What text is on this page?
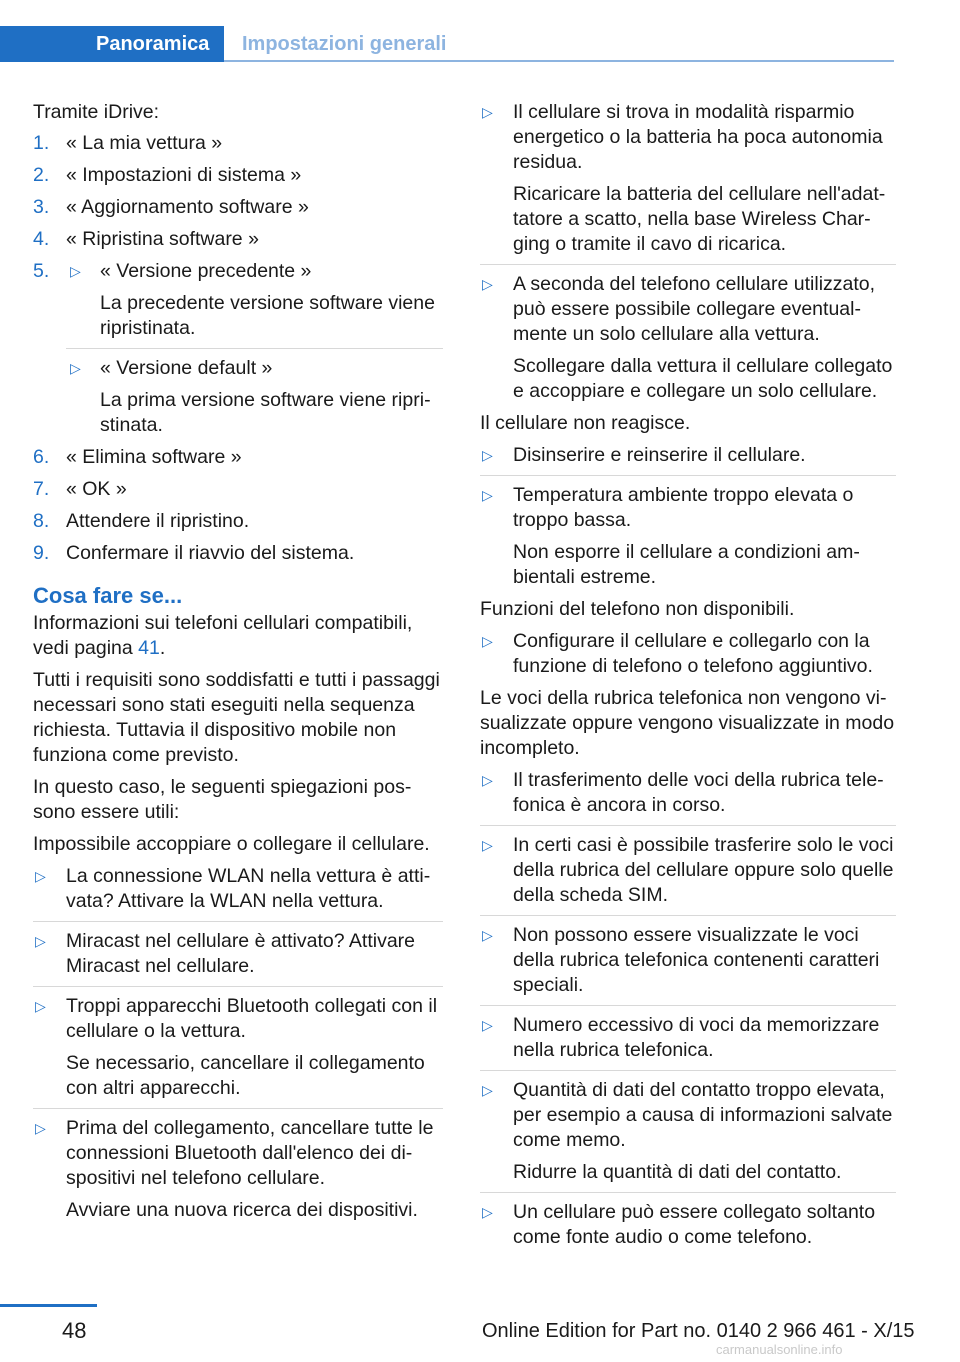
Panoramica	Impostazioni generali
Tramite iDrive:
1. « La mia vettura »
2. « Impostazioni di sistema »
3. « Aggiornamento software »
4. « Ripristina software »
5.	▷ « Versione precedente »
La precedente versione software viene ripristinata.
▷ « Versione default »
La prima versione software viene ripristinata.
6. « Elimina software »
7. « OK »
8. Attendere il ripristino.
9. Confermare il riavvio del sistema.
Cosa fare se...
Informazioni sui telefoni cellulari compatibili, vedi pagina 41.
Tutti i requisiti sono soddisfatti e tutti i passaggi necessari sono stati eseguiti nella sequenza richiesta. Tuttavia il dispositivo mobile non funziona come previsto.
In questo caso, le seguenti spiegazioni possono essere utili:
Impossibile accoppiare o collegare il cellulare.
▷	La connessione WLAN nella vettura è attivata? Attivare la WLAN nella vettura.
▷	Miracast nel cellulare è attivato? Attivare Miracast nel cellulare.
▷	Troppi apparecchi Bluetooth collegati con il cellulare o la vettura.
Se necessario, cancellare il collegamento con altri apparecchi.
▷	Prima del collegamento, cancellare tutte le connessioni Bluetooth dall'elenco dei dispositivi nel telefono cellulare.
Avviare una nuova ricerca dei dispositivi.
▷	Il cellulare si trova in modalità risparmio energetico o la batteria ha poca autonomia residua.
Ricaricare la batteria del cellulare nell'adattatore a scatto, nella base Wireless Charging o tramite il cavo di ricarica.
▷	A seconda del telefono cellulare utilizzato, può essere possibile collegare eventualmente un solo cellulare alla vettura.
Scollegare dalla vettura il cellulare collegato e accoppiare e collegare un solo cellulare.
Il cellulare non reagisce.
▷	Disinserire e reinserire il cellulare.
▷	Temperatura ambiente troppo elevata o troppo bassa.
Non esporre il cellulare a condizioni ambientali estreme.
Funzioni del telefono non disponibili.
▷	Configurare il cellulare e collegarlo con la funzione di telefono o telefono aggiuntivo.
Le voci della rubrica telefonica non vengono visualizzate oppure vengono visualizzate in modo incompleto.
▷	Il trasferimento delle voci della rubrica telefonica è ancora in corso.
▷	In certi casi è possibile trasferire solo le voci della rubrica del cellulare oppure solo quelle della scheda SIM.
▷	Non possono essere visualizzate le voci della rubrica telefonica contenenti caratteri speciali.
▷	Numero eccessivo di voci da memorizzare nella rubrica telefonica.
▷	Quantità di dati del contatto troppo elevata, per esempio a causa di informazioni salvate come memo.
Ridurre la quantità di dati del contatto.
▷	Un cellulare può essere collegato soltanto come fonte audio o come telefono.
48	Online Edition for Part no. 0140 2 966 461 - X/15
carmanualsonline.info
